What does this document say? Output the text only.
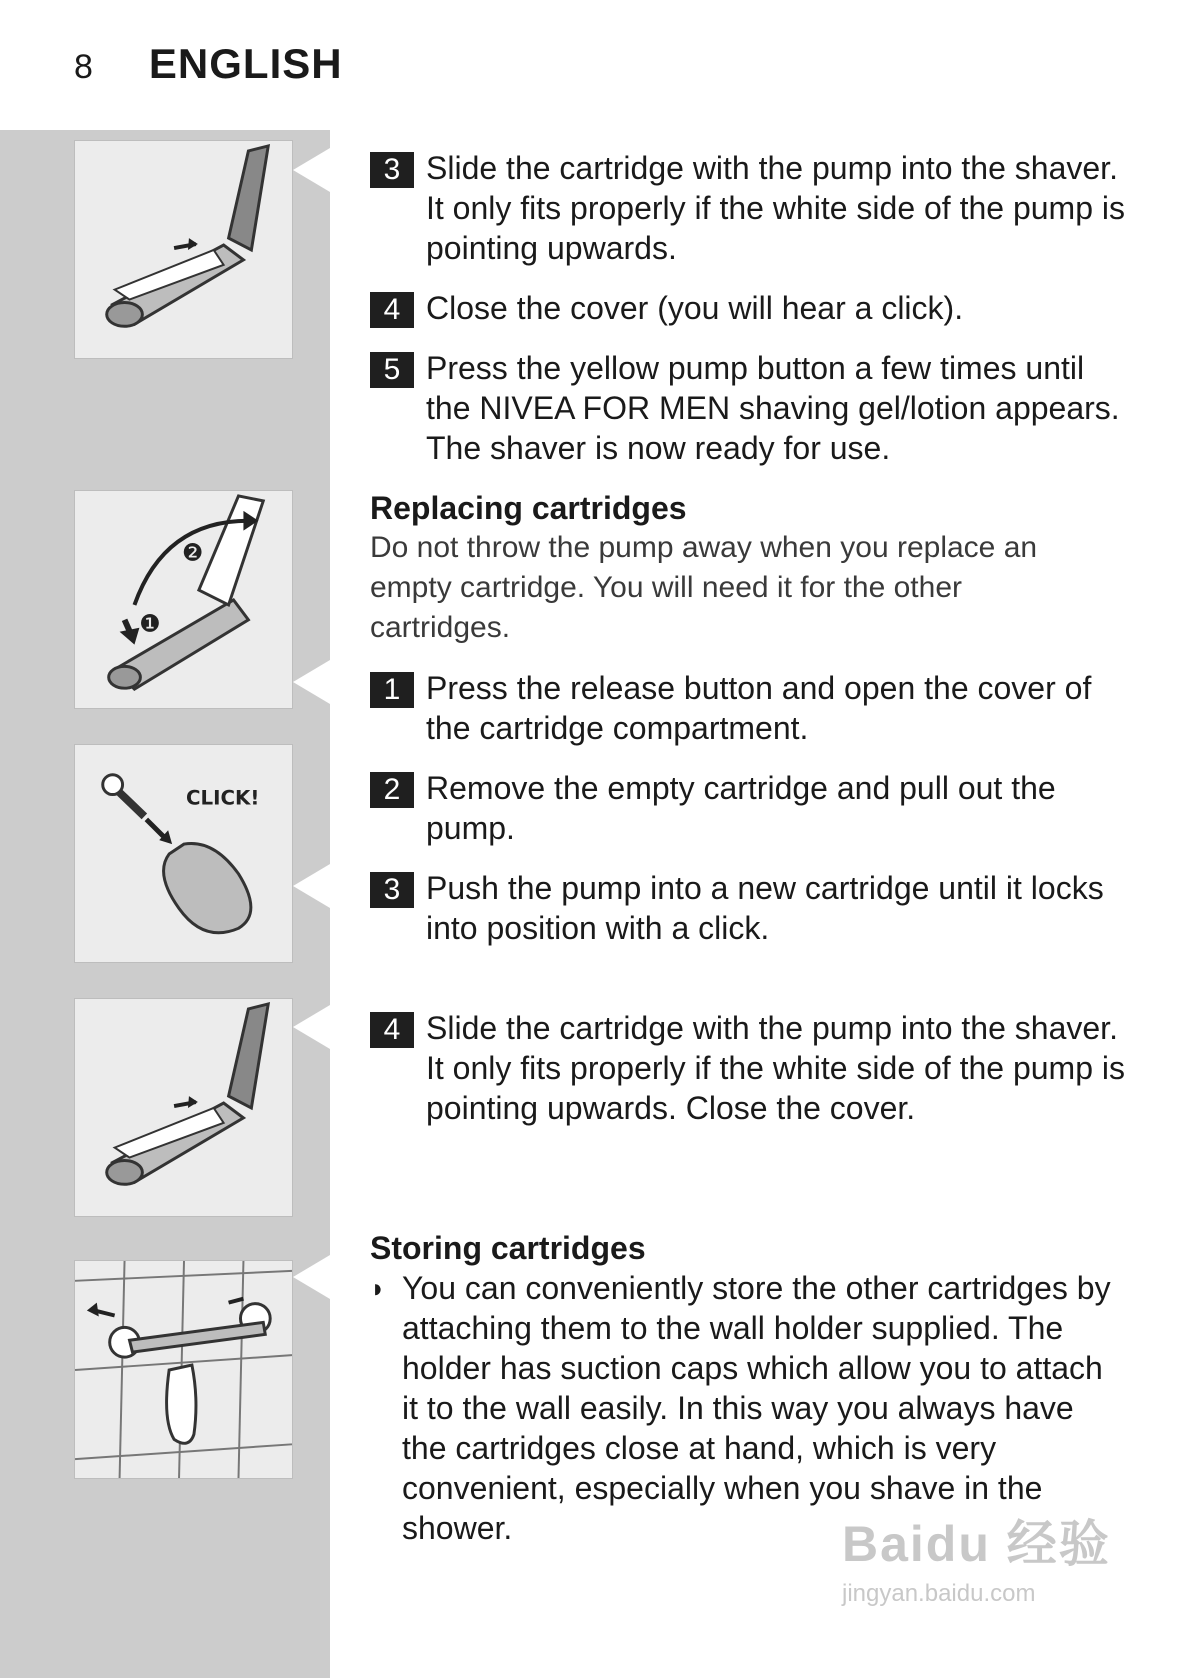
8 ENGLISH
❷
❶
CLICK!
3 Slide the cartridge with the pump into the shaver. It only fits properly if the white side of the pump is pointing upwards.
4 Close the cover (you will hear a click).
5 Press the yellow pump button a few times until the NIVEA FOR MEN shaving gel/lotion appears. The shaver is now ready for use.
Replacing cartridges
Do not throw the pump away when you replace an empty cartridge. You will need it for the other cartridges.
1 Press the release button and open the cover of the cartridge compartment.
2 Remove the empty cartridge and pull out the pump.
3 Push the pump into a new cartridge until it locks into position with a click.
4 Slide the cartridge with the pump into the shaver. It only fits properly if the white side of the pump is pointing upwards. Close the cover.
Storing cartridges
◗ You can conveniently store the other cartridges by attaching them to the wall holder supplied. The holder has suction caps which allow you to attach it to the wall easily. In this way you always have the cartridges close at hand, which is very convenient, especially when you shave in the shower.	Baidu 经验
jingyan.baidu.com
